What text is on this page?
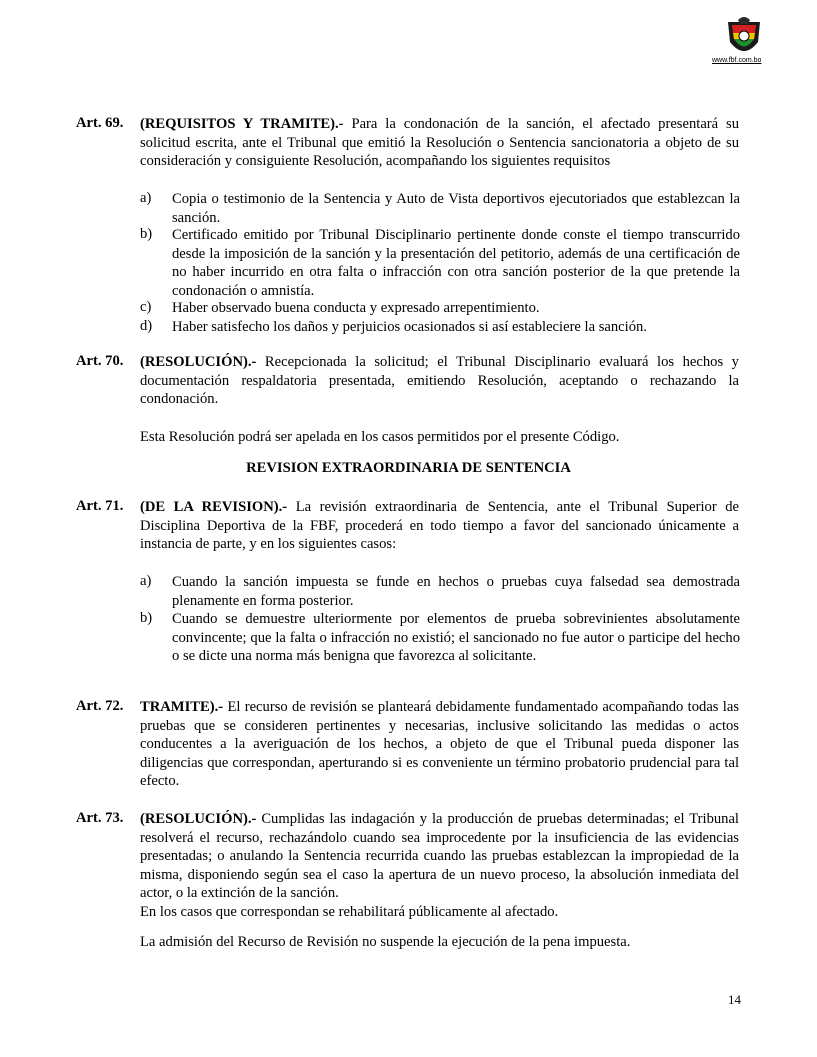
www.fbf.com.bo
Art. 69. (REQUISITOS Y TRAMITE).- Para la condonación de la sanción, el afectado presentará su solicitud escrita, ante el Tribunal que emitió la Resolución o Sentencia sancionatoria a objeto de su consideración y consiguiente Resolución, acompañando los siguientes requisitos
a) Copia o testimonio de la Sentencia y Auto de Vista deportivos ejecutoriados que establezcan la sanción.
b) Certificado emitido por Tribunal Disciplinario pertinente donde conste el tiempo transcurrido desde la imposición de la sanción y la presentación del petitorio, además de una certificación de no haber incurrido en otra falta o infracción con otra sanción posterior de la que pretende la condonación o amnistía.
c) Haber observado buena conducta y expresado arrepentimiento.
d) Haber satisfecho los daños y perjuicios ocasionados si así estableciere la sanción.
Art. 70. (RESOLUCIÓN).- Recepcionada la solicitud; el Tribunal Disciplinario evaluará los hechos y documentación respaldatoria presentada, emitiendo Resolución, aceptando o rechazando la condonación.
Esta Resolución podrá ser apelada en los casos permitidos por el presente Código.
REVISION EXTRAORDINARIA DE SENTENCIA
Art. 71. (DE LA REVISION).- La revisión extraordinaria de Sentencia, ante el Tribunal Superior de Disciplina Deportiva de la FBF, procederá en todo tiempo a favor del sancionado únicamente a instancia de parte, y en los siguientes casos:
a) Cuando la sanción impuesta se funde en hechos o pruebas cuya falsedad sea demostrada plenamente en forma posterior.
b) Cuando se demuestre ulteriormente por elementos de prueba sobrevinientes absolutamente convincente; que la falta o infracción no existió; el sancionado no fue autor o participe del hecho o se dicte una norma más benigna que favorezca al solicitante.
Art. 72. TRAMITE).- El recurso de revisión se planteará debidamente fundamentado acompañando todas las pruebas que se consideren pertinentes y necesarias, inclusive solicitando las medidas o actos conducentes a la averiguación de los hechos, a objeto de que el Tribunal pueda disponer las diligencias que correspondan, aperturando si es conveniente un término probatorio prudencial para tal efecto.
Art. 73. (RESOLUCIÓN).- Cumplidas las indagación y la producción de pruebas determinadas; el Tribunal resolverá el recurso, rechazándolo cuando sea improcedente por la insuficiencia de las evidencias presentadas; o anulando la Sentencia recurrida cuando las pruebas establezcan la impropiedad de la misma, disponiendo según sea el caso la apertura de un nuevo proceso, la absolución inmediata del actor, o la extinción de la sanción.
En los casos que correspondan se rehabilitará públicamente al afectado.
La admisión del Recurso de Revisión no suspende la ejecución de la pena impuesta.
14
